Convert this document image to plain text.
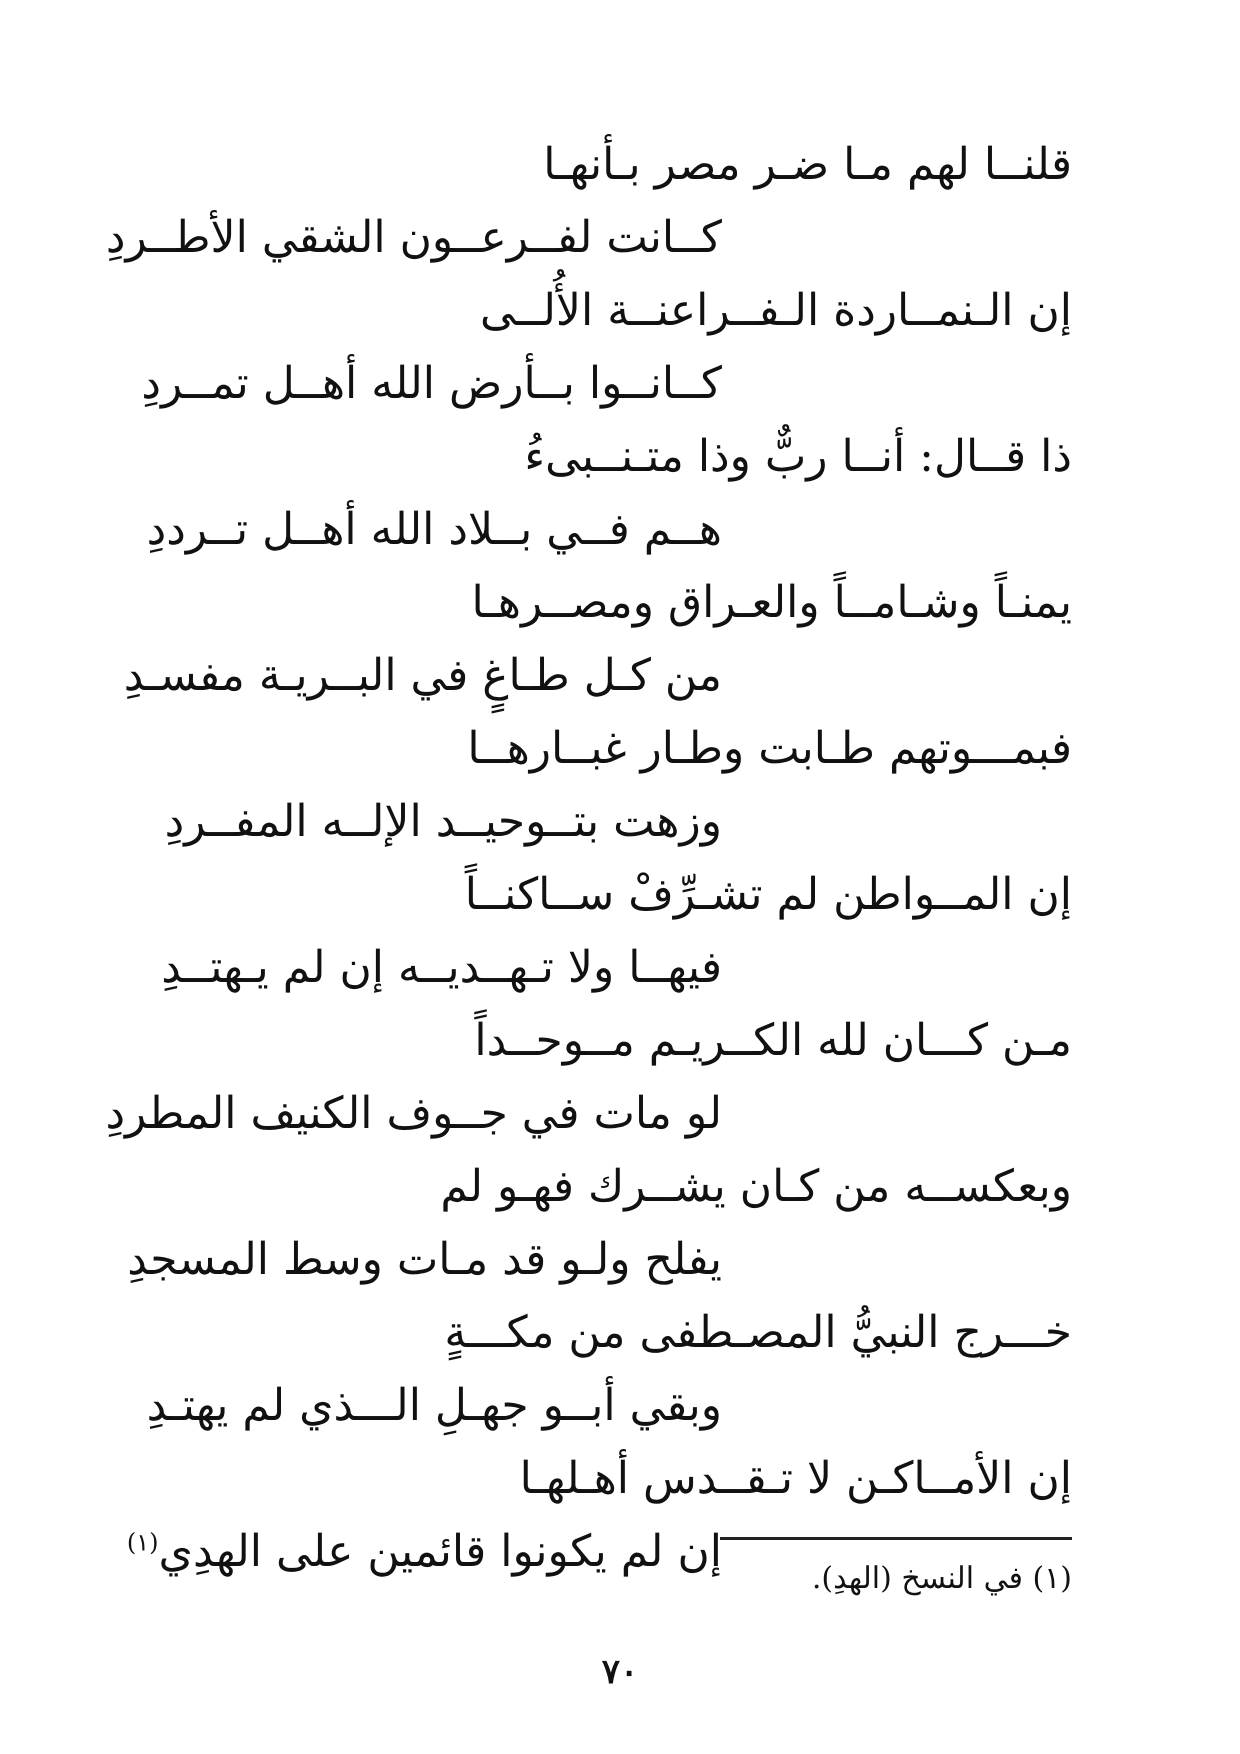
قلنــا لهم مـا ضـر مصر بـأنهـا
كــانت لفــرعــون الشقي الأطــردِ
إن الـنمــاردة الـفــراعنــة الأُلــى
كــانــوا بــأرض الله أهــل تمــردِ
ذا قــال: أنــا ربٌّ وذا متـنــبىءُ
هــم فــي بــلاد الله أهــل تــرددِ
يمنـاً وشـامــاً والعـراق ومصــرهـا
من كـل طـاغٍ في البــريـة مفسـدِ
فبمـــوتهم طـابت وطـار غبــارهــا
وزهت بتــوحيــد الإلــه المفــردِ
إن المــواطن لم تشـرِّفْ ســاكنــاً
فيهــا ولا تـهــديــه إن لم يـهتــدِ
مـن كـــان لله الكــريـم مــوحــداً
لو مات في جــوف الكنيف المطردِ
وبعكســه من كـان يشــرك فهـو لم
يفلح ولـو قد مـات وسط المسجدِ
خـــرج النبيُّ المصـطفى من مكـــةٍ
وبقي أبــو جهـلِ الـــذي لم يهتـدِ
إن الأمــاكـن لا تـقــدس أهـلهـا
إن لم يكونوا قائمين على الهدِي$^{(١)}$
(١) في النسخ (الهدِ).
٧٠
